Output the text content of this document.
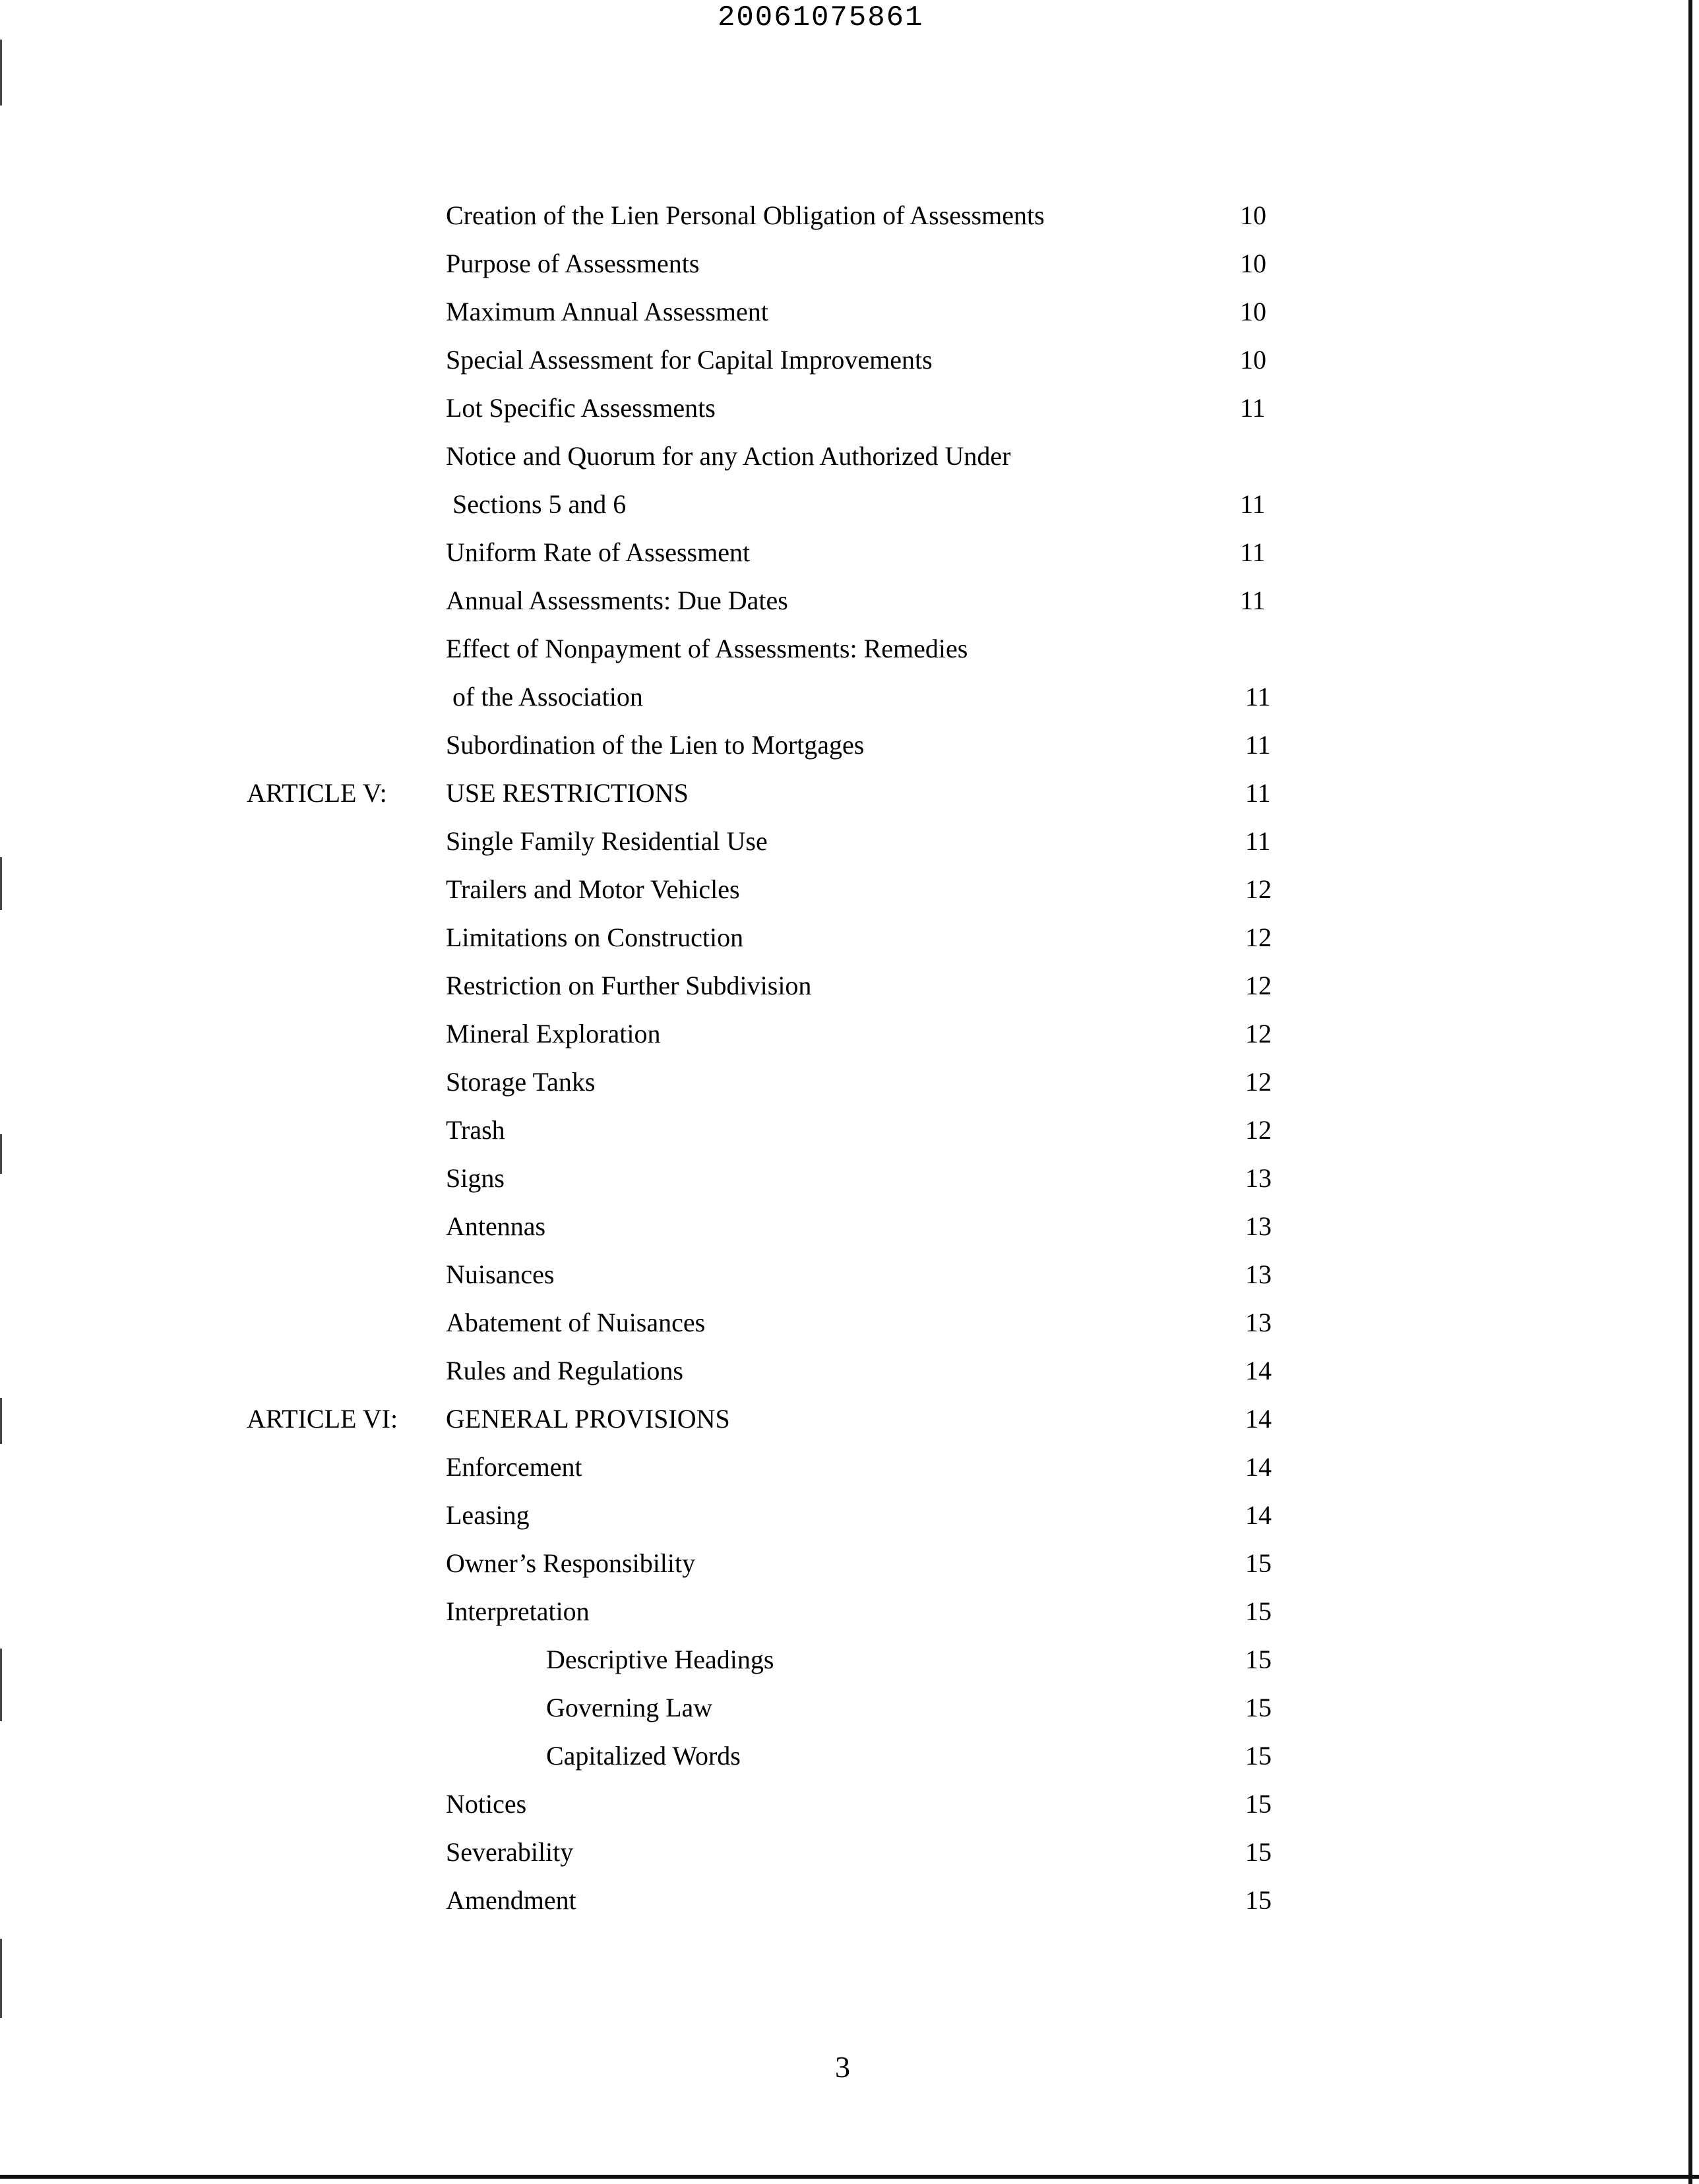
20061075861
Creation of the Lien Personal Obligation of Assessments	10
Purpose of Assessments	10
Maximum Annual Assessment	10
Special Assessment for Capital Improvements	10
Lot Specific Assessments	11
Notice and Quorum for any Action Authorized Under
Sections 5 and 6	11
Uniform Rate of Assessment	11
Annual Assessments: Due Dates	11
Effect of Nonpayment of Assessments: Remedies
of the Association	11
Subordination of the Lien to Mortgages	11
ARTICLE V: USE RESTRICTIONS	11
Single Family Residential Use	11
Trailers and Motor Vehicles	12
Limitations on Construction	12
Restriction on Further Subdivision	12
Mineral Exploration	12
Storage Tanks	12
Trash	12
Signs	13
Antennas	13
Nuisances	13
Abatement of Nuisances	13
Rules and Regulations	14
ARTICLE VI: GENERAL PROVISIONS	14
Enforcement	14
Leasing	14
Owner’s Responsibility	15
Interpretation	15
Descriptive Headings	15
Governing Law	15
Capitalized Words	15
Notices	15
Severability	15
Amendment	15
3
